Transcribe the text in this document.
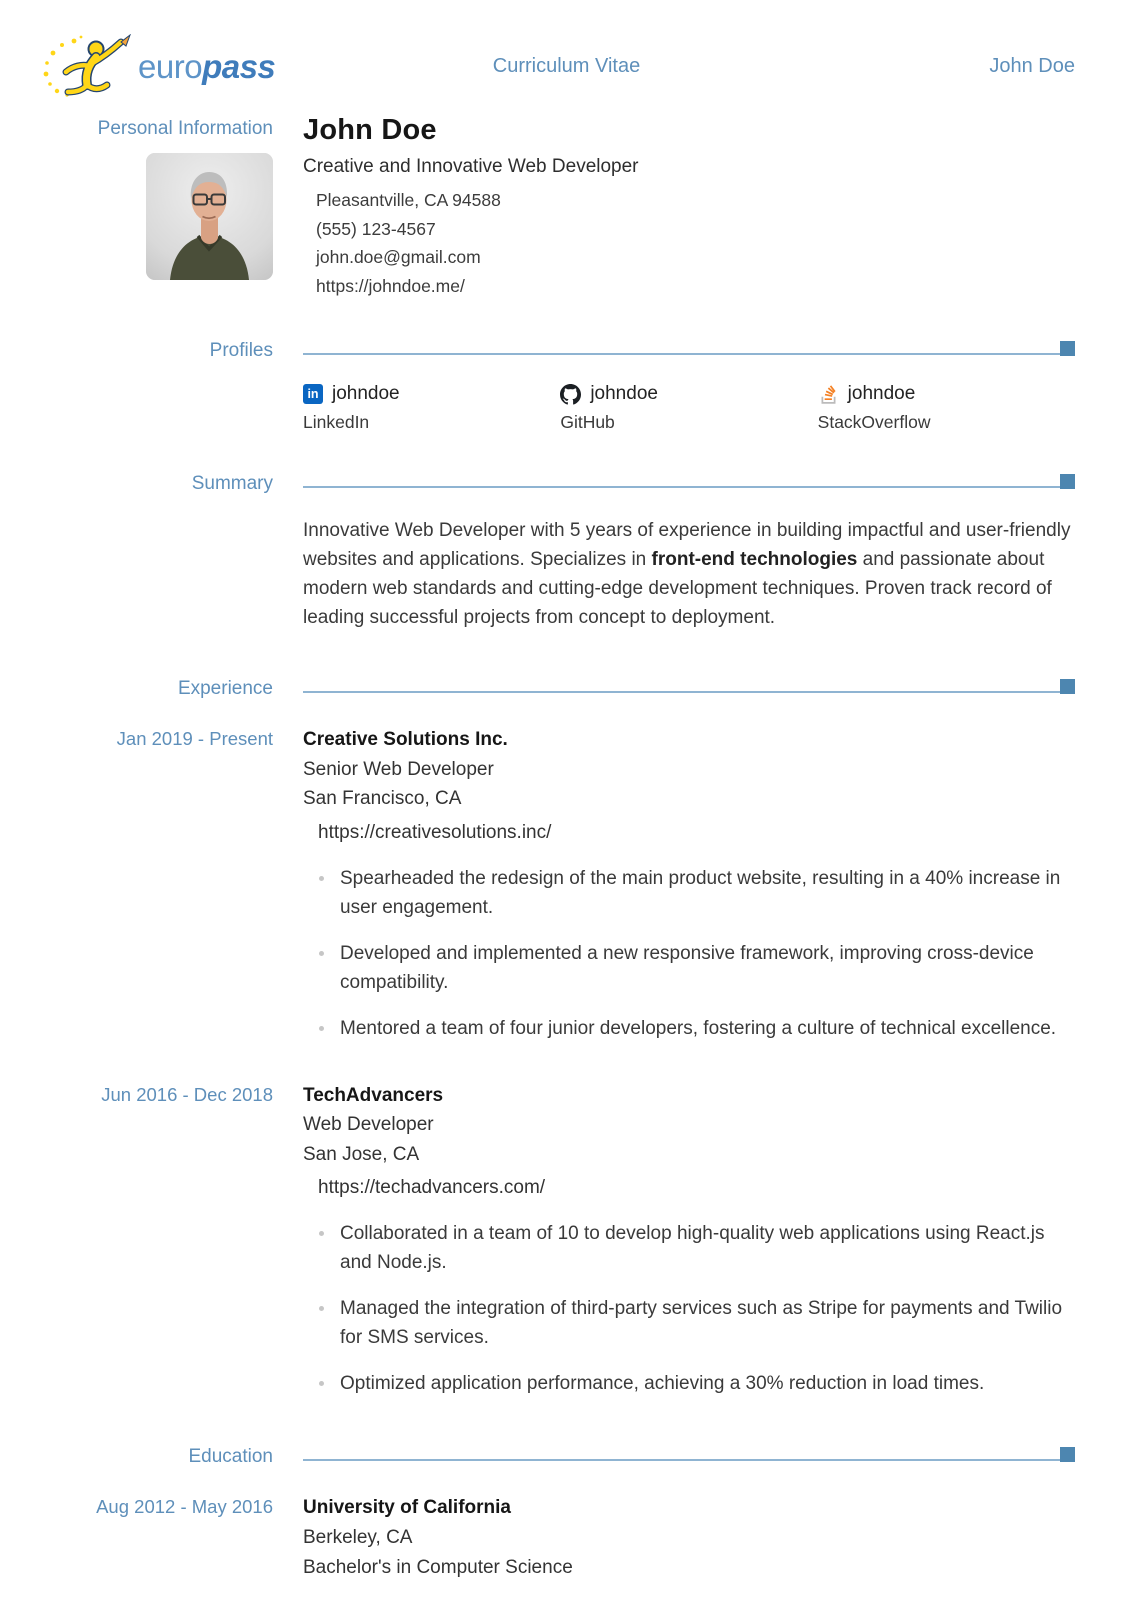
europass	Curriculum Vitae	John Doe
Personal Information John Doe
Creative and Innovative Web Developer
Pleasantville, CA 94588
(555) 123-4567
john.doe@gmail.com
https://johndoe.me/
Profiles
in johndoe
LinkedIn
johndoe
GitHub
johndoe
StackOverflow
Summary

Innovative Web Developer with 5 years of experience in building impactful and user-friendly websites and applications. Specializes in front-end technologies and passionate about modern web standards and cutting-edge development techniques. Proven track record of leading successful projects from concept to deployment.

Experience
Jan 2019 - Present Creative Solutions Inc.
Senior Web Developer
San Francisco, CA
https://creativesolutions.inc/
Spearheaded the redesign of the main product website, resulting in a 40% increase in user engagement.
Developed and implemented a new responsive framework, improving cross-device compatibility.
Mentored a team of four junior developers, fostering a culture of technical excellence.
Jun 2016 - Dec 2018 TechAdvancers
Web Developer
San Jose, CA
https://techadvancers.com/
Collaborated in a team of 10 to develop high-quality web applications using React.js and Node.js.
Managed the integration of third-party services such as Stripe for payments and Twilio for SMS services.
Optimized application performance, achieving a 30% reduction in load times.
Education
Aug 2012 - May 2016 University of California
Berkeley, CA
Bachelor's in Computer Science
